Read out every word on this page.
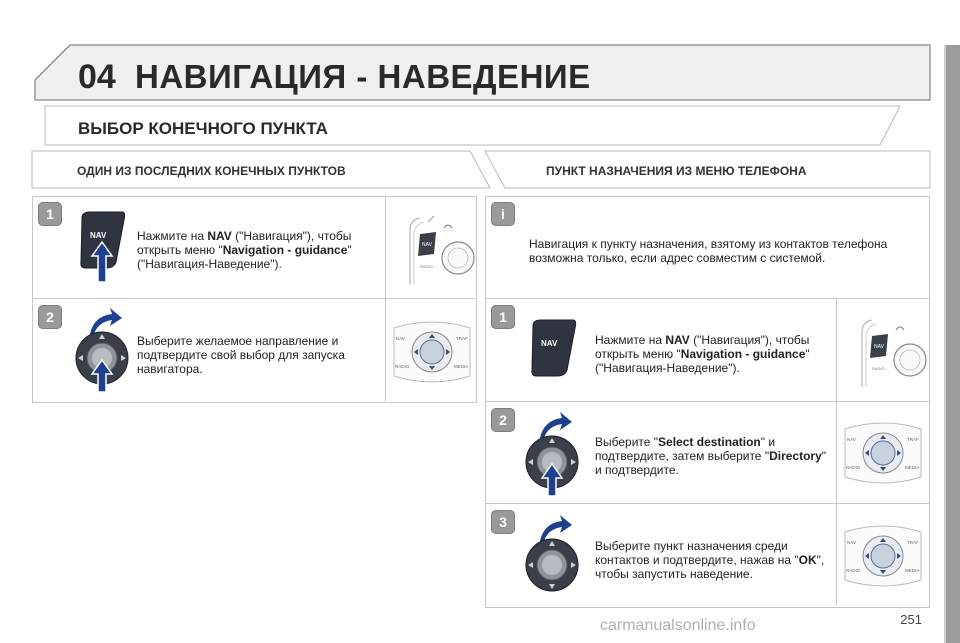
04 НАВИГАЦИЯ - НАВЕДЕНИЕ
ВЫБОР КОНЕЧНОГО ПУНКТА
ОДИН ИЗ ПОСЛЕДНИХ КОНЕЧНЫХ ПУНКТОВ	ПУНКТ НАЗНАЧЕНИЯ ИЗ МЕНЮ ТЕЛЕФОНА
1
NAV	Нажмите на NAV ("Навигация"), чтобы открыть меню "Navigation - guidance" ("Навигация-Наведение").
NAV
RADIO
2
Выберите желаемое направление и подтвердите свой выбор для запуска навигатора.
NAV	TRAF
RADIO	MEDIA
i
Навигация к пункту назначения, взятому из контактов телефона возможна только, если адрес совместим с системой.
1
NAV	Нажмите на NAV ("Навигация"), чтобы открыть меню "Navigation - guidance" ("Навигация-Наведение").
NAV
RADIO
2
Выберите "Select destination" и подтвердите, затем выберите "Directory" и подтвердите.
NAV	TRAF
RADIO	MEDIA
3
Выберите пункт назначения среди контактов и подтвердите, нажав на "OK", чтобы запустить наведение.
NAV	TRAF
RADIO	MEDIA
carmanualsonline.info	251
